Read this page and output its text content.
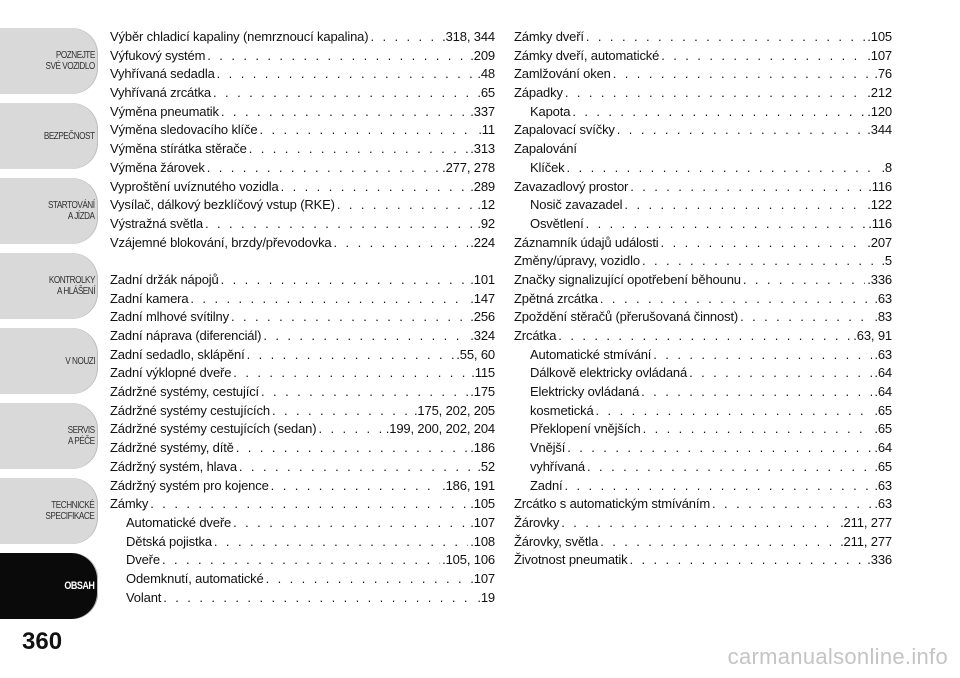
POZNEJTE
SVÉ VOZIDLO
BEZPEČNOST
STARTOVÁNÍ
A JÍZDA
KONTROLKY
A HLÁŠENÍ
V NOUZI
SERVIS
A PÉČE
TECHNICKÉ
SPECIFIKACE
OBSAH
Výběr chladicí kapaliny (nemrznoucí kapalina) . . .	.318, 344
Výfukový systém . . .	.209
Vyhřívaná sedadla . . .	.48
Vyhřívaná zrcátka . . .	.65
Výměna pneumatik . . .	.337
Výměna sledovacího klíče . . .	.11
Výměna stírátka stěrače . . .	.313
Výměna žárovek . . .	.277, 278
Vyproštění uvíznutého vozidla . . .	.289
Vysílač, dálkový bezklíčový vstup (RKE) . . .	.12
Výstražná světla . . .	.92
Vzájemné blokování, brzdy/převodovka . . .	.224
Zadní držák nápojů . . .	.101
Zadní kamera . . .	.147
Zadní mlhové svítilny . . .	.256
Zadní náprava (diferenciál) . . .	.324
Zadní sedadlo, sklápění . . .	.55, 60
Zadní výklopné dveře . . .	.115
Zádržné systémy, cestující . . .	.175
Zádržné systémy cestujících . . .	.175, 202, 205
Zádržné systémy cestujících (sedan) . . .	.199, 200, 202, 204
Zádržné systémy, dítě . . .	.186
Zádržný systém, hlava . . .	.52
Zádržný systém pro kojence . . .	.186, 191
Zámky . . .	.105
Automatické dveře . . .	.107
Dětská pojistka . . .	.108
Dveře . . .	.105, 106
Odemknutí, automatické . . .	.107
Volant . . .	.19
Zámky dveří . . .	.105
Zámky dveří, automatické . . .	.107
Zamlžování oken . . .	.76
Západky . . .	.212
Kapota . . .	.120
Zapalovací svíčky . . .	.344
Zapalování
Klíček . . .	.8
Zavazadlový prostor . . .	.116
Nosič zavazadel . . .	.122
Osvětlení . . .	.116
Záznamník údajů události . . .	.207
Změny/úpravy, vozidlo . . .	.5
Značky signalizující opotřebení běhounu . . .	.336
Zpětná zrcátka . . .	.63
Zpoždění stěračů (přerušovaná činnost) . . .	.83
Zrcátka . . .	.63, 91
Automatické stmívání . . .	.63
Dálkově elektricky ovládaná . . .	.64
Elektricky ovládaná . . .	.64
kosmetická . . .	.65
Překlopení vnějších . . .	.65
Vnější . . .	.64
vyhřívaná . . .	.65
Zadní . . .	.63
Zrcátko s automatickým stmíváním . . .	.63
Žárovky . . .	.211, 277
Žárovky, světla . . .	.211, 277
Životnost pneumatik . . .	.336
360
carmanualsonline.info
